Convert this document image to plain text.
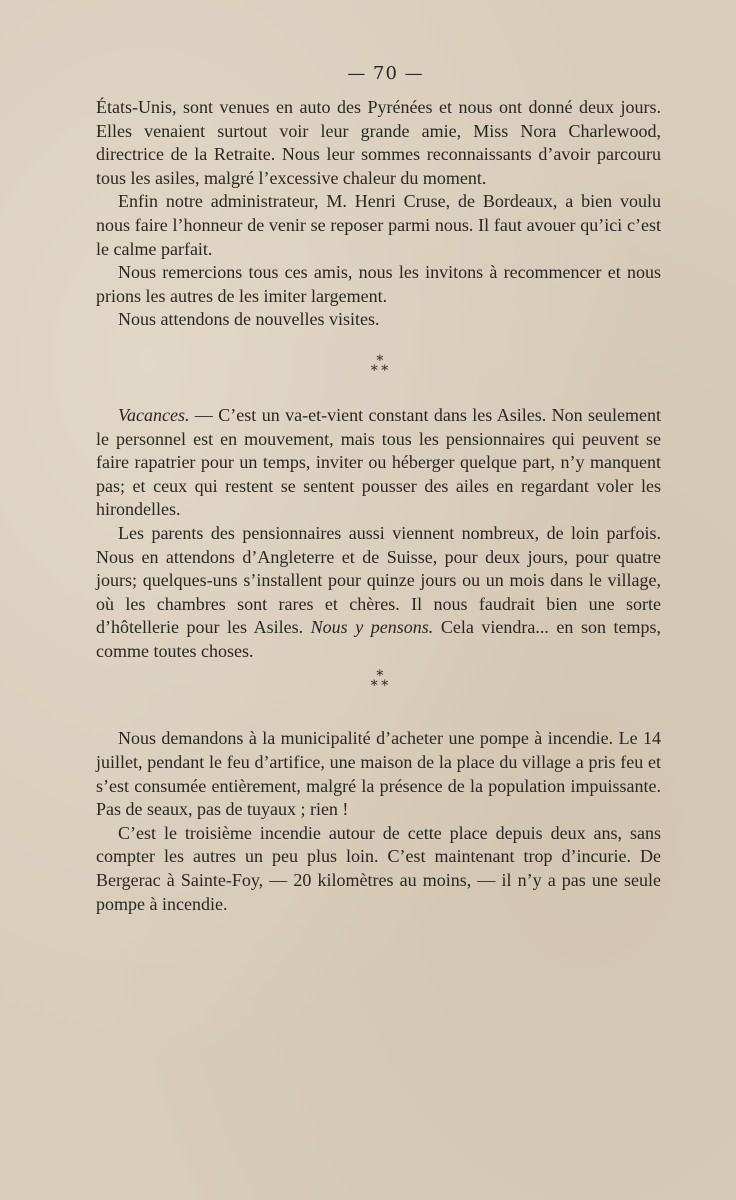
— 70 —

États-Unis, sont venues en auto des Pyrénées et nous ont donné deux jours. Elles venaient surtout voir leur grande amie, Miss Nora Charlewood, directrice de la Retraite. Nous leur sommes reconnaissants d’avoir parcouru tous les asiles, malgré l’excessive chaleur du moment.

Enfin notre administrateur, M. Henri Cruse, de Bordeaux, a bien voulu nous faire l’honneur de venir se reposer parmi nous. Il faut avouer qu’ici c’est le calme parfait.

Nous remercions tous ces amis, nous les invitons à recommencer et nous prions les autres de les imiter largement.

Nous attendons de nouvelles visites.

*
* *

Vacances. — C’est un va-et-vient constant dans les Asiles. Non seulement le personnel est en mouvement, mais tous les pensionnaires qui peuvent se faire rapatrier pour un temps, inviter ou héberger quelque part, n’y manquent pas; et ceux qui restent se sentent pousser des ailes en regardant voler les hirondelles.

Les parents des pensionnaires aussi viennent nombreux, de loin parfois. Nous en attendons d’Angleterre et de Suisse, pour deux jours, pour quatre jours; quelques-uns s’installent pour quinze jours ou un mois dans le village, où les chambres sont rares et chères. Il nous faudrait bien une sorte d’hôtellerie pour les Asiles. Nous y pensons. Cela viendra... en son temps, comme toutes choses.

*
* *

Nous demandons à la municipalité d’acheter une pompe à incendie. Le 14 juillet, pendant le feu d’artifice, une maison de la place du village a pris feu et s’est consumée entièrement, malgré la présence de la population impuissante. Pas de seaux, pas de tuyaux ; rien !

C’est le troisième incendie autour de cette place depuis deux ans, sans compter les autres un peu plus loin. C’est maintenant trop d’incurie. De Bergerac à Sainte-Foy, — 20 kilomètres au moins, — il n’y a pas une seule pompe à incendie.
